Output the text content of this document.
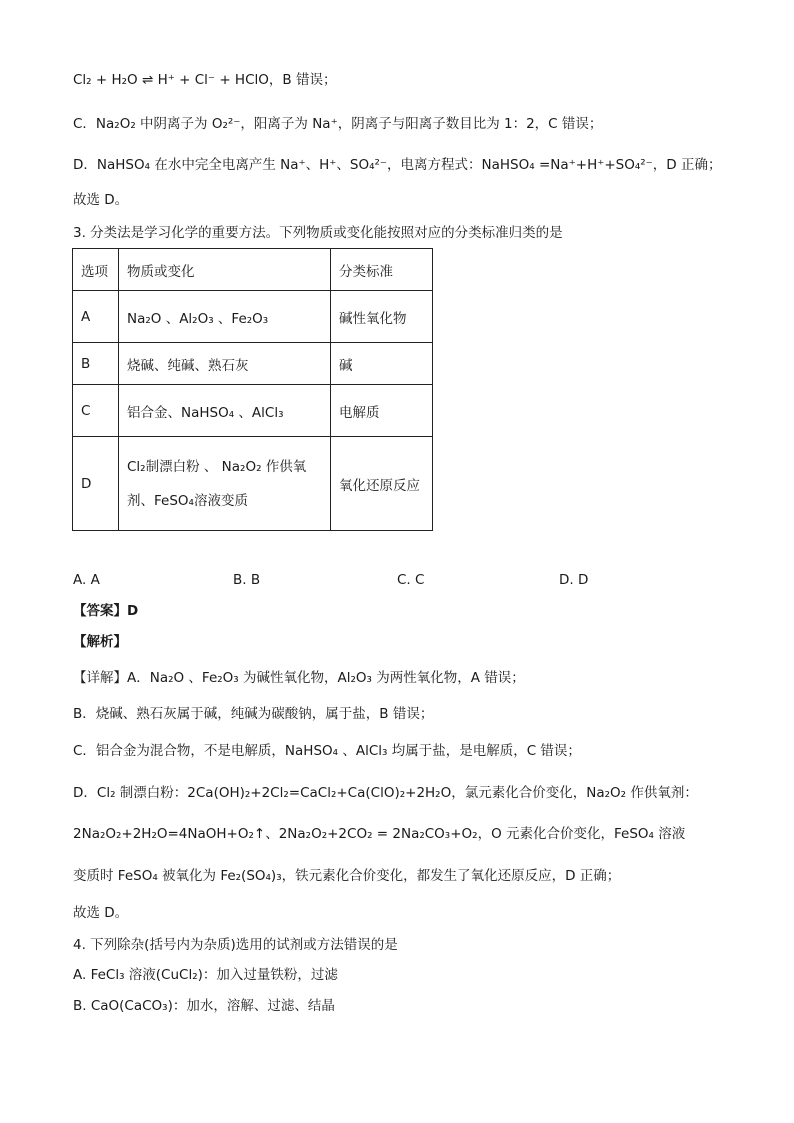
Cl₂ + H₂O ⇌ H⁺ + Cl⁻ + HClO，B 错误；
C．Na₂O₂ 中阴离子为 O₂²⁻，阳离子为 Na⁺，阴离子与阳离子数目比为 1：2，C 错误；
D．NaHSO₄ 在水中完全电离产生 Na⁺、H⁺、SO₄²⁻，电离方程式：NaHSO₄ =Na⁺+H⁺+SO₄²⁻，D 正确；
故选 D。
3. 分类法是学习化学的重要方法。下列物质或变化能按照对应的分类标准归类的是
选项	物质或变化	分类标准
A	Na₂O 、Al₂O₃ 、Fe₂O₃	碱性氧化物
B	烧碱、纯碱、熟石灰	碱
C	铝合金、NaHSO₄ 、AlCl₃	电解质
D	Cl₂制漂白粉 、 Na₂O₂ 作供氧
剂、FeSO₄溶液变质	氧化还原反应
A. A	B. B	C. C	D. D
【答案】D
【解析】
【详解】A．Na₂O 、Fe₂O₃ 为碱性氧化物，Al₂O₃ 为两性氧化物，A 错误；
B．烧碱、熟石灰属于碱，纯碱为碳酸钠，属于盐，B 错误；
C．铝合金为混合物，不是电解质，NaHSO₄ 、AlCl₃ 均属于盐，是电解质，C 错误；
D．Cl₂ 制漂白粉：2Ca(OH)₂+2Cl₂=CaCl₂+Ca(ClO)₂+2H₂O，氯元素化合价变化，Na₂O₂ 作供氧剂：
2Na₂O₂+2H₂O=4NaOH+O₂↑、2Na₂O₂+2CO₂ = 2Na₂CO₃+O₂，O 元素化合价变化，FeSO₄ 溶液
变质时 FeSO₄ 被氧化为 Fe₂(SO₄)₃，铁元素化合价变化，都发生了氧化还原反应，D 正确；
故选 D。
4. 下列除杂(括号内为杂质)选用的试剂或方法错误的是
A. FeCl₃ 溶液(CuCl₂)：加入过量铁粉，过滤
B. CaO(CaCO₃)：加水，溶解、过滤、结晶
